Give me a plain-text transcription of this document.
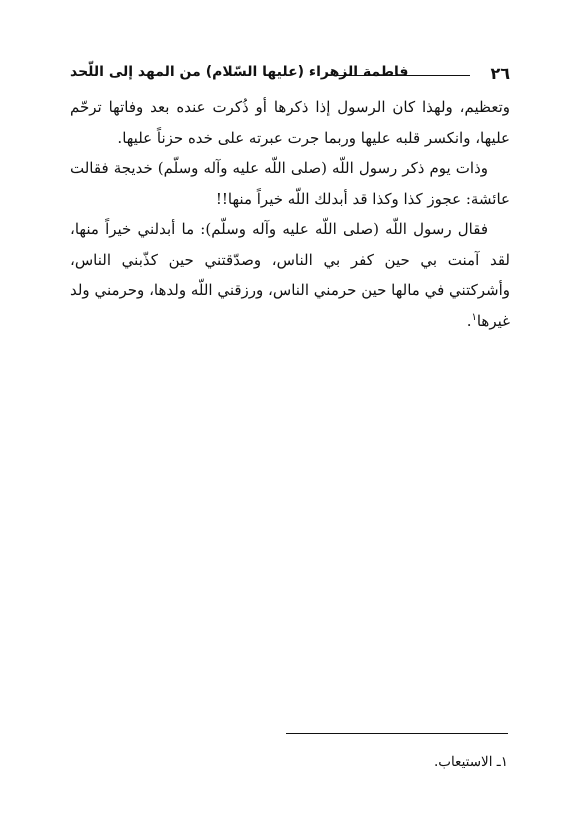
٢٦
فاطمة الزهراء (عليها السّلام) من المهد إلى اللّحد

وتعظيم، ولهذا كان الرسول إذا ذكرها أو ذُكرت عنده بعد وفاتها ترحّم عليها، وانكسر قلبه عليها وربما جرت عبرته على خده حزناً عليها.

وذات يوم ذكر رسول اللّه (صلى اللّه عليه وآله وسلّم) خديجة فقالت عائشة: عجوز كذا وكذا قد أبدلك اللّه خيراً منها!!

فقال رسول اللّه (صلى اللّه عليه وآله وسلّم): ما أبدلني خيراً منها، لقد آمنت بي حين كفر بي الناس، وصدّقتني حين كذّبني الناس، وأشركتني في مالها حين حرمني الناس، ورزقني اللّه ولدها، وحرمني ولد غيرها$^١$.

١ـ الاستيعاب.
